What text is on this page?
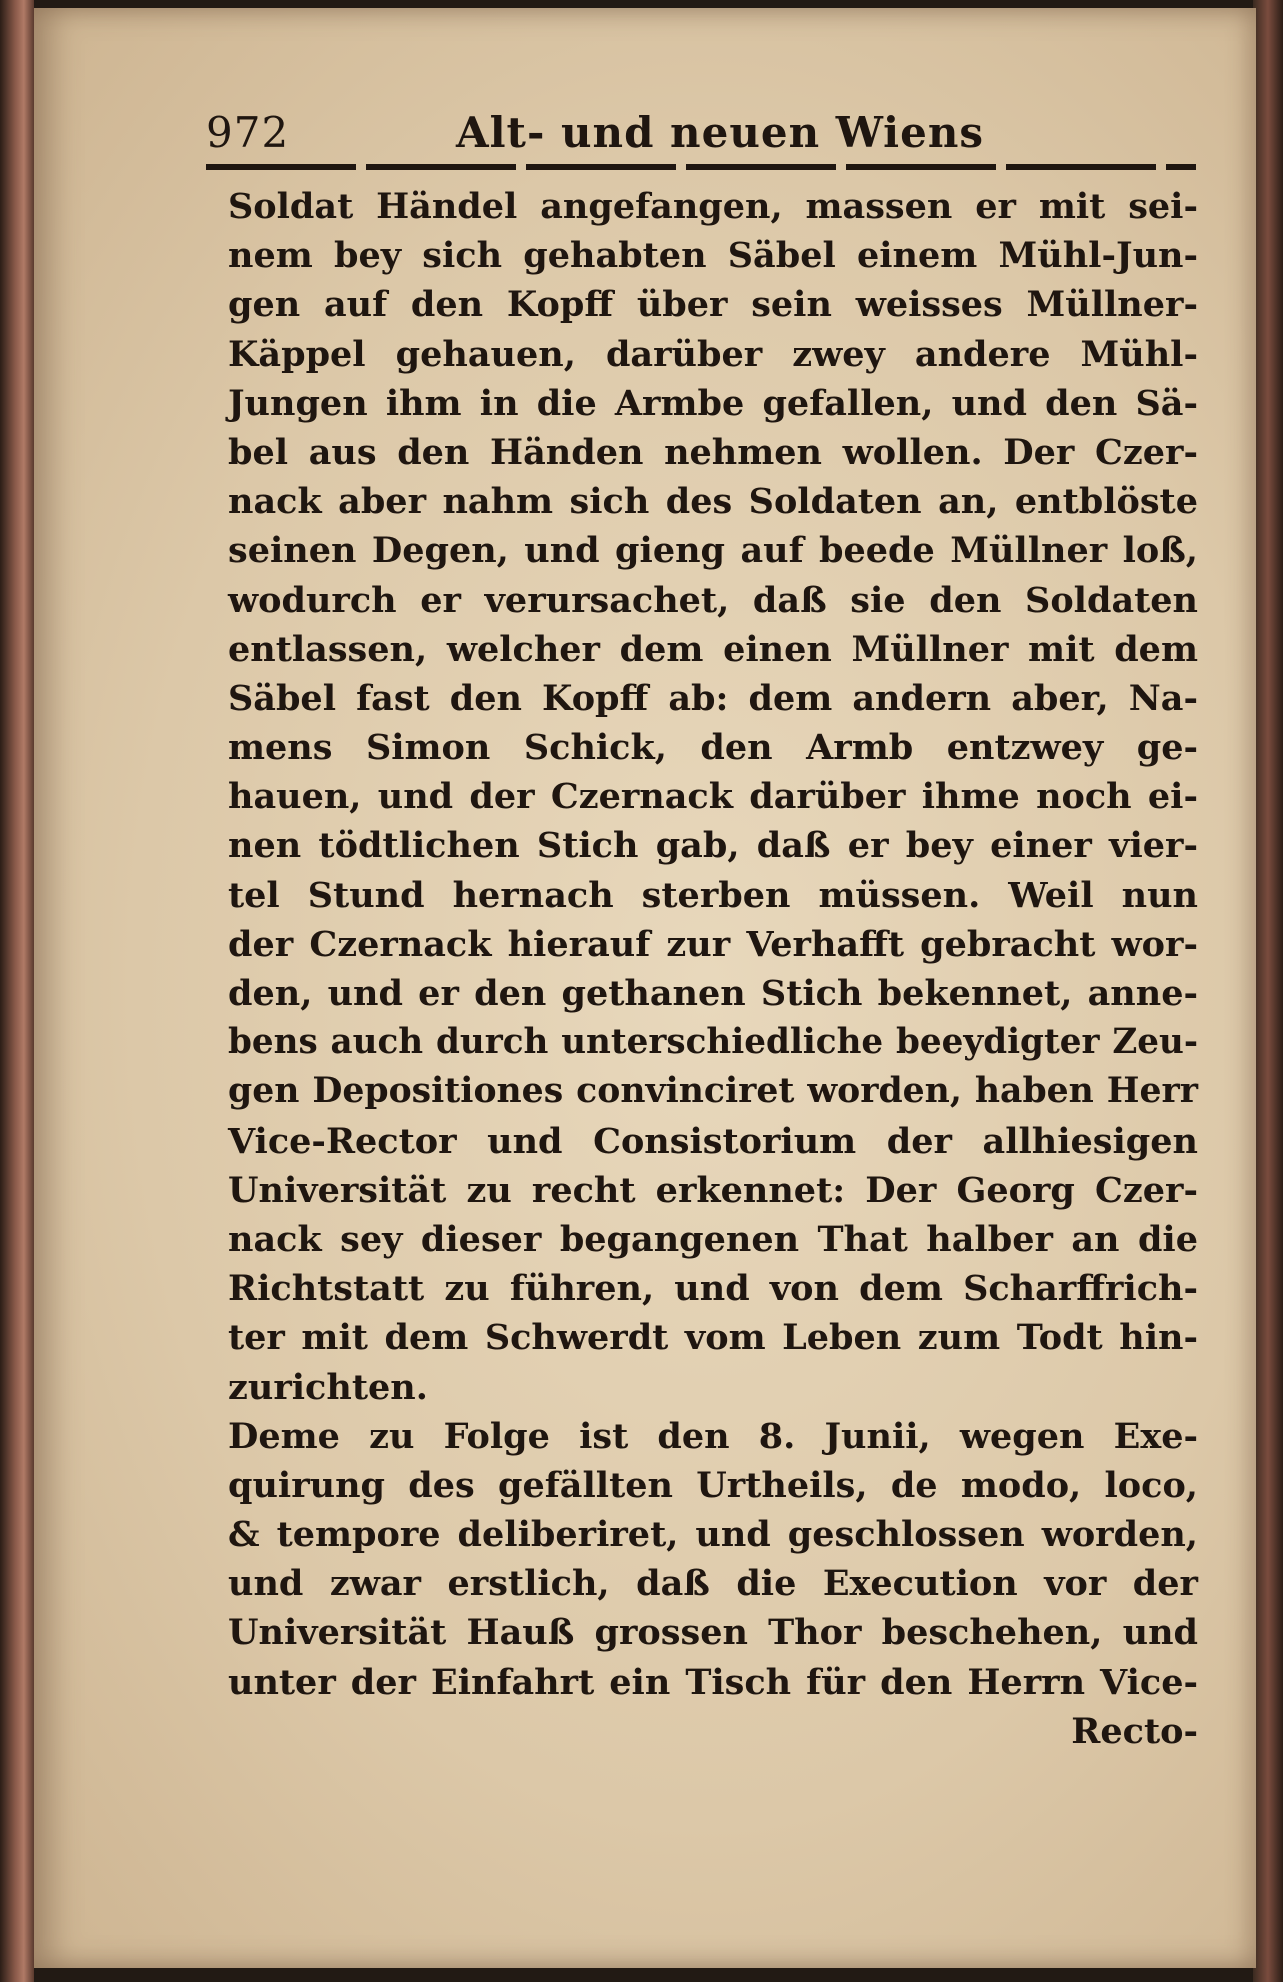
972	Alt- und neuen Wiens
Soldat Händel angefangen, massen er mit sei-
nem bey sich gehabten Säbel einem Mühl-Jun-
gen auf den Kopff über sein weisses Müllner-
Käppel gehauen, darüber zwey andere Mühl-
Jungen ihm in die Armbe gefallen, und den Sä-
bel aus den Händen nehmen wollen. Der Czer-
nack aber nahm sich des Soldaten an, entblöste
seinen Degen, und gieng auf beede Müllner loß,
wodurch er verursachet, daß sie den Soldaten
entlassen, welcher dem einen Müllner mit dem
Säbel fast den Kopff ab: dem andern aber, Na-
mens Simon Schick, den Armb entzwey ge-
hauen, und der Czernack darüber ihme noch ei-
nen tödtlichen Stich gab, daß er bey einer vier-
tel Stund hernach sterben müssen. Weil nun
der Czernack hierauf zur Verhafft gebracht wor-
den, und er den gethanen Stich bekennet, anne-
bens auch durch unterschiedliche beeydigter Zeu-
gen Depositiones convinciret worden, haben Herr
Vice-Rector und Consistorium der allhiesigen
Universität zu recht erkennet: Der Georg Czer-
nack sey dieser begangenen That halber an die
Richtstatt zu führen, und von dem Scharffrich-
ter mit dem Schwerdt vom Leben zum Todt hin-
zurichten.
Deme zu Folge ist den 8. Junii, wegen Exe-
quirung des gefällten Urtheils, de modo, loco,
& tempore deliberiret, und geschlossen worden,
und zwar erstlich, daß die Execution vor der
Universität Hauß grossen Thor beschehen, und
unter der Einfahrt ein Tisch für den Herrn Vice-
Recto-
